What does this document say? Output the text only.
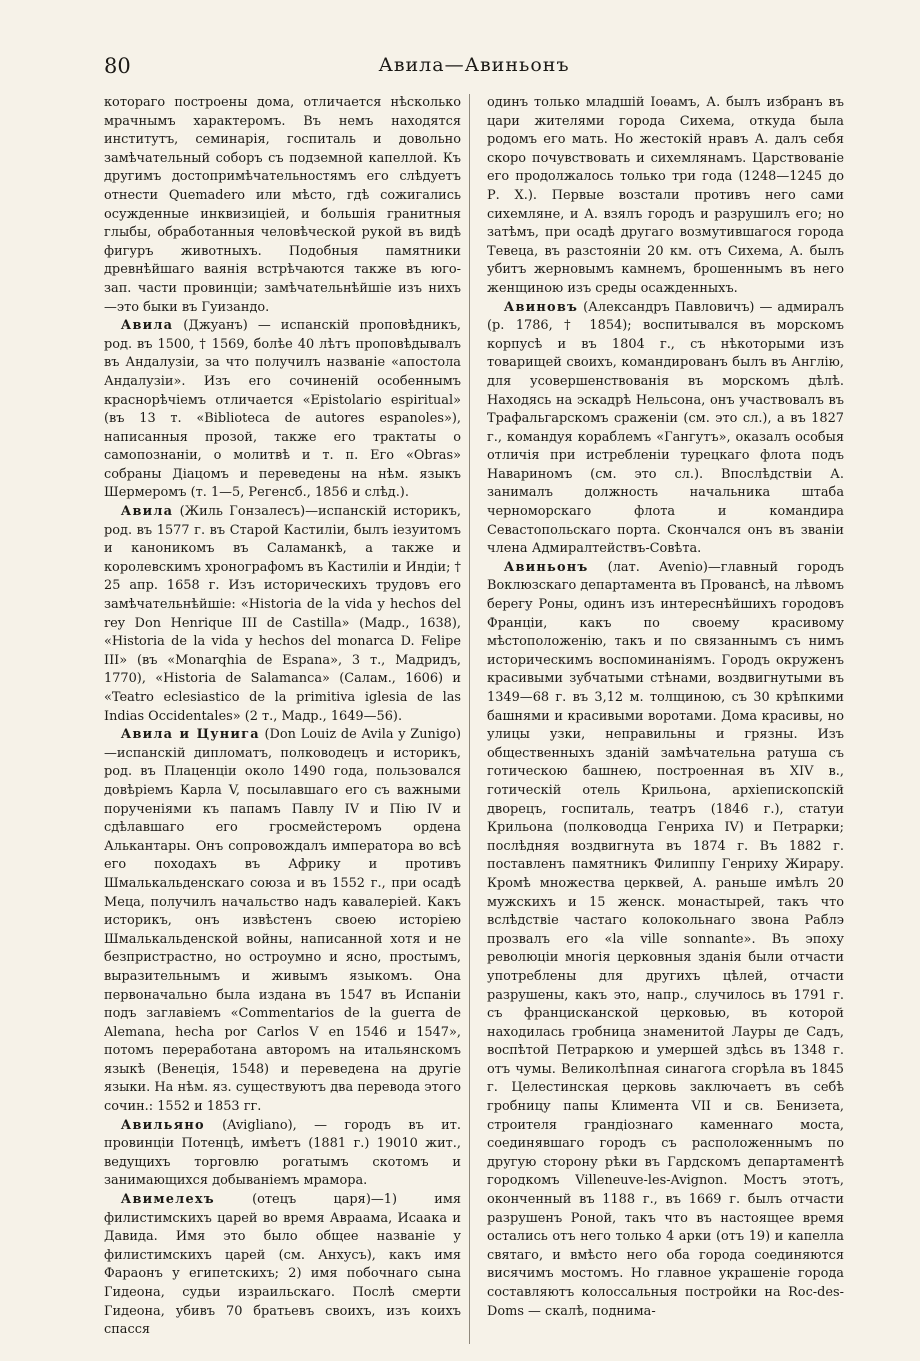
80	Авила—Авиньонъ

котораго построены дома, отличается нѣсколько мрачнымъ характеромъ. Въ немъ находятся институтъ, семинарія, госпиталь и довольно замѣчательный соборъ съ подземной капеллой. Къ другимъ достопримѣчательностямъ его слѣдуетъ отнести Quemadero или мѣсто, гдѣ сожигались осужденные инквизиціей, и большія гранитныя глыбы, обработанныя человѣческой рукой въ видѣ фигуръ животныхъ. Подобныя памятники древнѣйшаго ваянія встрѣчаются также въ юго-зап. части провинціи; замѣчательнѣйшіе изъ нихъ—это быки въ Гуизандо.

Авила (Джуанъ) — испанскій проповѣдникъ, род. въ 1500, † 1569, болѣе 40 лѣтъ проповѣдывалъ въ Андалузіи, за что получилъ названіе «апостола Андалузіи». Изъ его сочиненій особеннымъ краснорѣчіемъ отличается «Epistolario espiritual» (въ 13 т. «Biblioteca de autores espanoles»), написанныя прозой, также его трактаты о самопознаніи, о молитвѣ и т. п. Его «Obras» собраны Діацомъ и переведены на нѣм. языкъ Шермеромъ (т. 1—5, Регенсб., 1856 и слѣд.).

Авила (Жиль Гонзалесъ)—испанскій историкъ, род. въ 1577 г. въ Старой Кастиліи, былъ іезуитомъ и каноникомъ въ Саламанкѣ, а также и королевскимъ хронографомъ въ Кастиліи и Индіи; † 25 апр. 1658 г. Изъ историческихъ трудовъ его замѣчательнѣйшіе: «Historia de la vida y hechos del rey Don Henrique III de Castilla» (Мадр., 1638), «Historia de la vida y hechos del monarca D. Felipe III» (въ «Monarqhia de Espana», 3 т., Мадридъ, 1770), «Historia de Salamanca» (Салам., 1606) и «Teatro eclesiastico de la primitiva iglesia de las Indias Occidentales» (2 т., Мадр., 1649—56).

Авила и Цунига (Don Louiz de Avila y Zunigo)—испанскій дипломатъ, полководецъ и историкъ, род. въ Плаценціи около 1490 года, пользовался довѣріемъ Карла V, посылавшаго его съ важными порученіями къ папамъ Павлу IV и Пію IV и сдѣлавшаго его гросмейстеромъ ордена Алькантары. Онъ сопровождалъ императора во всѣ его походахъ въ Африку и противъ Шмалькальденскаго союза и въ 1552 г., при осадѣ Меца, получилъ начальство надъ кавалеріей. Какъ историкъ, онъ извѣстенъ своею исторіею Шмалькальденской войны, написанной хотя и не безпристрастно, но остроумно и ясно, простымъ, выразительнымъ и живымъ языкомъ. Она первоначально была издана въ 1547 въ Испаніи подъ заглавіемъ «Commentarios de la guerra de Alemana, hecha por Carlos V en 1546 и 1547», потомъ переработана авторомъ на итальянскомъ языкѣ (Венеція, 1548) и переведена на другіе языки. На нѣм. яз. существуютъ два перевода этого сочин.: 1552 и 1853 гг.

Авильяно (Avigliano), — городъ въ ит. провинціи Потенцѣ, имѣетъ (1881 г.) 19010 жит., ведущихъ торговлю рогатымъ скотомъ и занимающихся добываніемъ мрамора.

Авимелехъ (отецъ царя)—1) имя филистимскихъ царей во время Авраама, Исаака и Давида. Имя это было общее названіе у филистимскихъ царей (см. Анхусъ), какъ имя Фараонъ у египетскихъ; 2) имя побочнаго сына Гидеона, судьи израильскаго. Послѣ смерти Гидеона, убивъ 70 братьевъ своихъ, изъ коихъ спасся

одинъ только младшій Іоѳамъ, А. былъ избранъ въ цари жителями города Сихема, откуда была родомъ его мать. Но жестокій нравъ А. далъ себя скоро почувствовать и сихемлянамъ. Царствованіе его продолжалось только три года (1248—1245 до Р. Х.). Первые возстали противъ него сами сихемляне, и А. взялъ городъ и разрушилъ его; но затѣмъ, при осадѣ другаго возмутившагося города Тевеца, въ разстояніи 20 км. отъ Сихема, А. былъ убитъ жерновымъ камнемъ, брошеннымъ въ него женщиною изъ среды осажденныхъ.

Авиновъ (Александръ Павловичъ) — адмиралъ (р. 1786, † 1854); воспитывался въ морскомъ корпусѣ и въ 1804 г., съ нѣкоторыми изъ товарищей своихъ, командированъ былъ въ Англію, для усовершенствованія въ морскомъ дѣлѣ. Находясь на эскадрѣ Нельсона, онъ участвовалъ въ Трафальгарскомъ сраженіи (см. это сл.), а въ 1827 г., командуя кораблемъ «Гангутъ», оказалъ особыя отличія при истребленіи турецкаго флота подъ Навариномъ (см. это сл.). Впослѣдствіи А. занималъ должность начальника штаба черноморскаго флота и командира Севастопольскаго порта. Скончался онъ въ званіи члена Адмиралтействъ-Совѣта.

Авиньонъ (лат. Avenio)—главный городъ Воклюзскаго департамента въ Провансѣ, на лѣвомъ берегу Роны, одинъ изъ интереснѣйшихъ городовъ Франціи, какъ по своему красивому мѣстоположенію, такъ и по связаннымъ съ нимъ историческимъ воспоминаніямъ. Городъ окруженъ красивыми зубчатыми стѣнами, воздвигнутыми въ 1349—68 г. въ 3,12 м. толщиною, съ 30 крѣпкими башнями и красивыми воротами. Дома красивы, но улицы узки, неправильны и грязны. Изъ общественныхъ зданій замѣчательна ратуша съ готическою башнею, построенная въ XIV в., готическій отель Крильона, архіепископскій дворецъ, госпиталь, театръ (1846 г.), статуи Крильона (полководца Генриха IV) и Петрарки; послѣдняя воздвигнута въ 1874 г. Въ 1882 г. поставленъ памятникъ Филиппу Генриху Жирару. Кромѣ множества церквей, А. раньше имѣлъ 20 мужскихъ и 15 женск. монастырей, такъ что вслѣдствіе частаго колокольнаго звона Раблэ прозвалъ его «la ville sonnante». Въ эпоху революціи многія церковныя зданія были отчасти употреблены для другихъ цѣлей, отчасти разрушены, какъ это, напр., случилось въ 1791 г. съ францисканской церковью, въ которой находилась гробница знаменитой Лауры де Садъ, воспѣтой Петраркою и умершей здѣсь въ 1348 г. отъ чумы. Великолѣпная синагога сгорѣла въ 1845 г. Целестинская церковь заключаетъ въ себѣ гробницу папы Климента VII и св. Бенизета, строителя грандіознаго каменнаго моста, соединявшаго городъ съ расположеннымъ по другую сторону рѣки въ Гардскомъ департаментѣ городкомъ Villeneuve-les-Avignon. Мостъ этотъ, оконченный въ 1188 г., въ 1669 г. былъ отчасти разрушенъ Роной, такъ что въ настоящее время остались отъ него только 4 арки (отъ 19) и капелла святаго, и вмѣсто него оба города соединяются висячимъ мостомъ. Но главное украшеніе города составляютъ колоссальныя постройки на Roc-des-Doms — скалѣ, поднима-
